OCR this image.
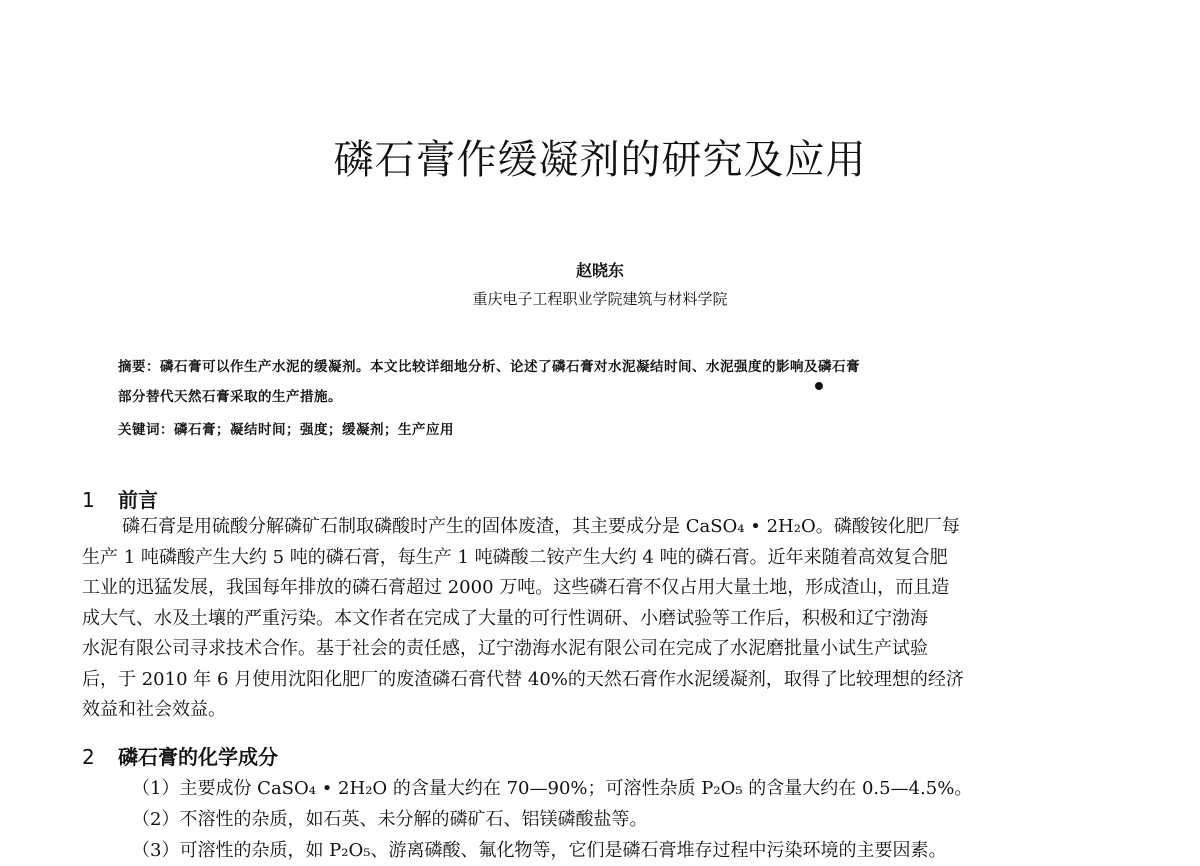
磷石膏作缓凝剂的研究及应用
赵晓东
重庆电子工程职业学院建筑与材料学院
摘要：磷石膏可以作生产水泥的缓凝剂。本文比较详细地分析、论述了磷石膏对水泥凝结时间、水泥强度的影响及磷石膏
部分替代天然石膏采取的生产措施。
关键词：磷石膏；凝结时间；强度；缓凝剂；生产应用
1 前言
磷石膏是用硫酸分解磷矿石制取磷酸时产生的固体废渣，其主要成分是 CaSO₄ • 2H₂O。磷酸铵化肥厂每
生产 1 吨磷酸产生大约 5 吨的磷石膏，每生产 1 吨磷酸二铵产生大约 4 吨的磷石膏。近年来随着高效复合肥
工业的迅猛发展，我国每年排放的磷石膏超过 2000 万吨。这些磷石膏不仅占用大量土地，形成渣山，而且造
成大气、水及土壤的严重污染。本文作者在完成了大量的可行性调研、小磨试验等工作后，积极和辽宁渤海
水泥有限公司寻求技术合作。基于社会的责任感，辽宁渤海水泥有限公司在完成了水泥磨批量小试生产试验
后，于 2010 年 6 月使用沈阳化肥厂的废渣磷石膏代替 40%的天然石膏作水泥缓凝剂，取得了比较理想的经济
效益和社会效益。
2 磷石膏的化学成分
（1）主要成份 CaSO₄ • 2H₂O 的含量大约在 70—90%；可溶性杂质 P₂O₅ 的含量大约在 0.5—4.5%。
（2）不溶性的杂质，如石英、未分解的磷矿石、铝镁磷酸盐等。
（3）可溶性的杂质，如 P₂O₅、游离磷酸、氟化物等，它们是磷石膏堆存过程中污染环境的主要因素。
